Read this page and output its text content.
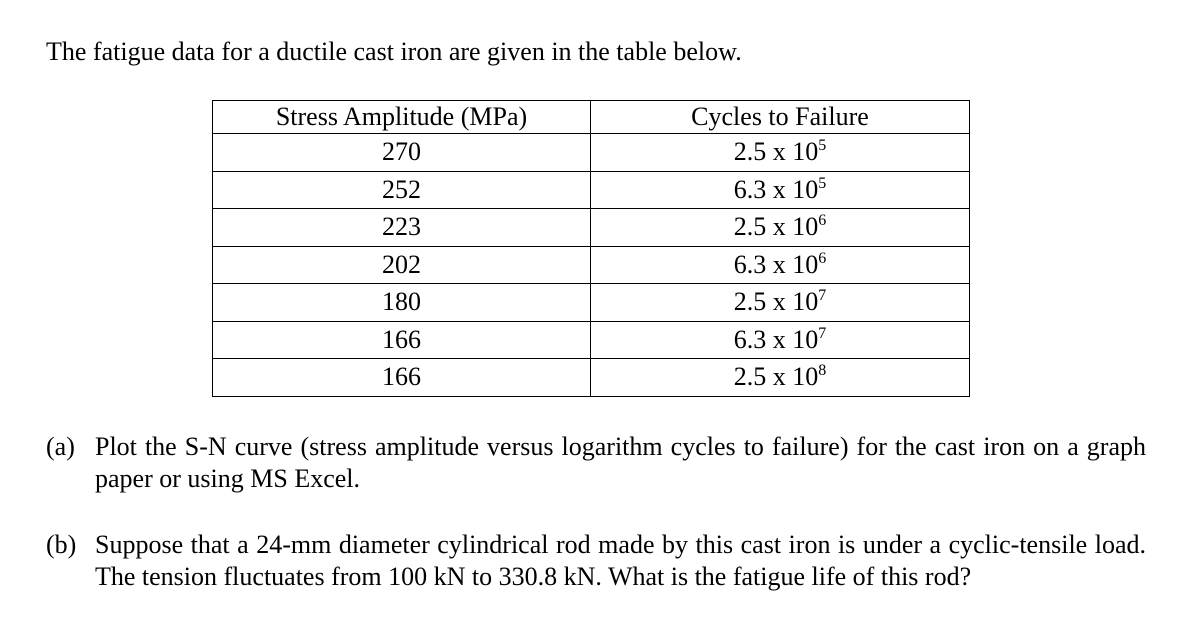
The fatigue data for a ductile cast iron are given in the table below.
Stress Amplitude (MPa)	Cycles to Failure
270	2.5 x $10^5$
252	6.3 x $10^5$
223	2.5 x $10^6$
202	6.3 x $10^6$
180	2.5 x $10^7$
166	6.3 x $10^7$
166	2.5 x $10^8$
(a) Plot the S-N curve (stress amplitude versus logarithm cycles to failure) for the cast iron on a graph paper or using MS Excel.
(b) Suppose that a 24-mm diameter cylindrical rod made by this cast iron is under a cyclic-tensile load. The tension fluctuates from 100 kN to 330.8 kN. What is the fatigue life of this rod?
